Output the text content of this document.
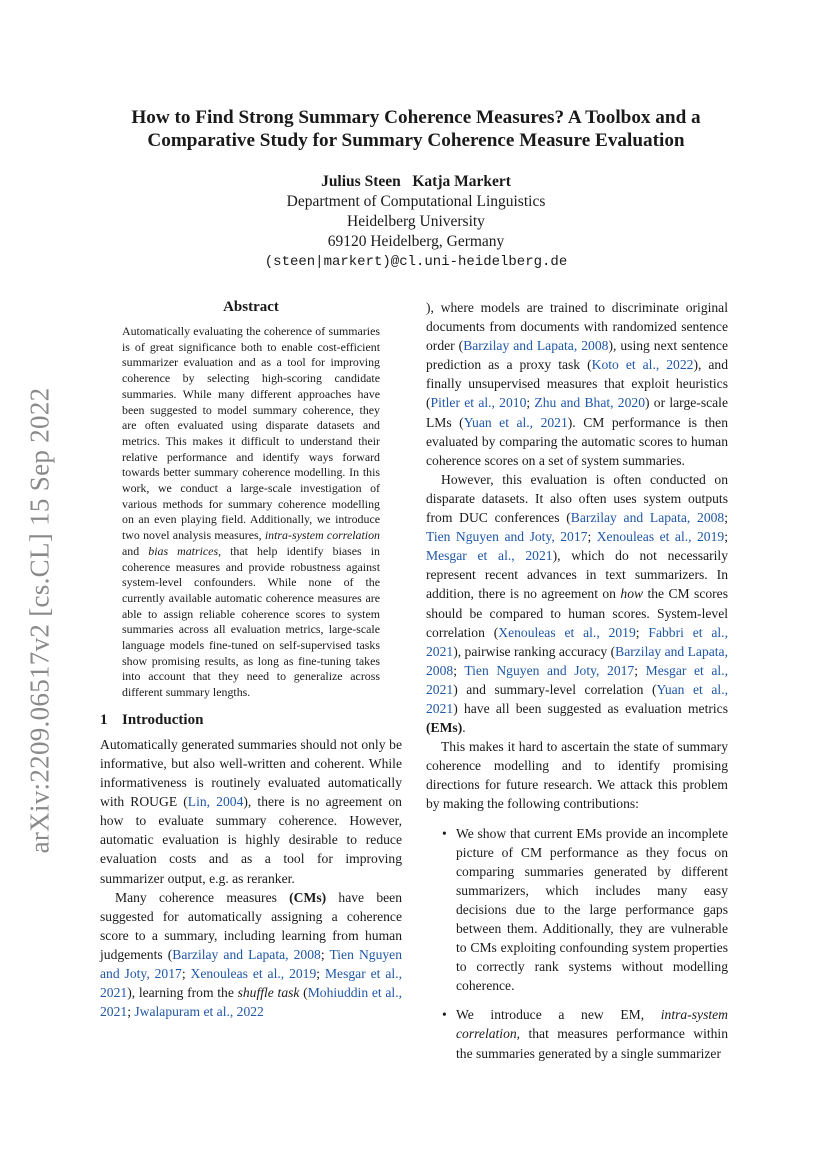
arXiv:2209.06517v2 [cs.CL] 15 Sep 2022
How to Find Strong Summary Coherence Measures? A Toolbox and a
Comparative Study for Summary Coherence Measure Evaluation
Julius Steen   Katja Markert
Department of Computational Linguistics
Heidelberg University
69120 Heidelberg, Germany
(steen|markert)@cl.uni-heidelberg.de
Abstract

Automatically evaluating the coherence of summaries is of great significance both to enable cost-efficient summarizer evaluation and as a tool for improving coherence by selecting high-scoring candidate summaries. While many different approaches have been suggested to model summary coherence, they are often evaluated using disparate datasets and metrics. This makes it difficult to understand their relative performance and identify ways forward towards better summary coherence modelling. In this work, we conduct a large-scale investigation of various methods for summary coherence modelling on an even playing field. Additionally, we introduce two novel analysis measures, intra-system correlation and bias matrices, that help identify biases in coherence measures and provide robustness against system-level confounders. While none of the currently available automatic coherence measures are able to assign reliable coherence scores to system summaries across all evaluation metrics, large-scale language models fine-tuned on self-supervised tasks show promising results, as long as fine-tuning takes into account that they need to generalize across different summary lengths.

1 Introduction

Automatically generated summaries should not only be informative, but also well-written and coherent. While informativeness is routinely evaluated automatically with ROUGE (Lin, 2004), there is no agreement on how to evaluate summary coherence. However, automatic evaluation is highly desirable to reduce evaluation costs and as a tool for improving summarizer output, e.g. as reranker.

Many coherence measures (CMs) have been suggested for automatically assigning a coherence score to a summary, including learning from human judgements (Barzilay and Lapata, 2008; Tien Nguyen and Joty, 2017; Xenouleas et al., 2019; Mesgar et al., 2021), learning from the shuffle task (Mohiuddin et al., 2021; Jwalapuram et al., 2022

), where models are trained to discriminate original documents from documents with randomized sentence order (Barzilay and Lapata, 2008), using next sentence prediction as a proxy task (Koto et al., 2022), and finally unsupervised measures that exploit heuristics (Pitler et al., 2010; Zhu and Bhat, 2020) or large-scale LMs (Yuan et al., 2021). CM performance is then evaluated by comparing the automatic scores to human coherence scores on a set of system summaries.

However, this evaluation is often conducted on disparate datasets. It also often uses system outputs from DUC conferences (Barzilay and Lapata, 2008; Tien Nguyen and Joty, 2017; Xenouleas et al., 2019; Mesgar et al., 2021), which do not necessarily represent recent advances in text summarizers. In addition, there is no agreement on how the CM scores should be compared to human scores. System-level correlation (Xenouleas et al., 2019; Fabbri et al., 2021), pairwise ranking accuracy (Barzilay and Lapata, 2008; Tien Nguyen and Joty, 2017; Mesgar et al., 2021) and summary-level correlation (Yuan et al., 2021) have all been suggested as evaluation metrics (EMs).

This makes it hard to ascertain the state of summary coherence modelling and to identify promising directions for future research. We attack this problem by making the following contributions:

• We show that current EMs provide an incomplete picture of CM performance as they focus on comparing summaries generated by different summarizers, which includes many easy decisions due to the large performance gaps between them. Additionally, they are vulnerable to CMs exploiting confounding system properties to correctly rank systems without modelling coherence.
• We introduce a new EM, intra-system correlation, that measures performance within the summaries generated by a single summarizer
